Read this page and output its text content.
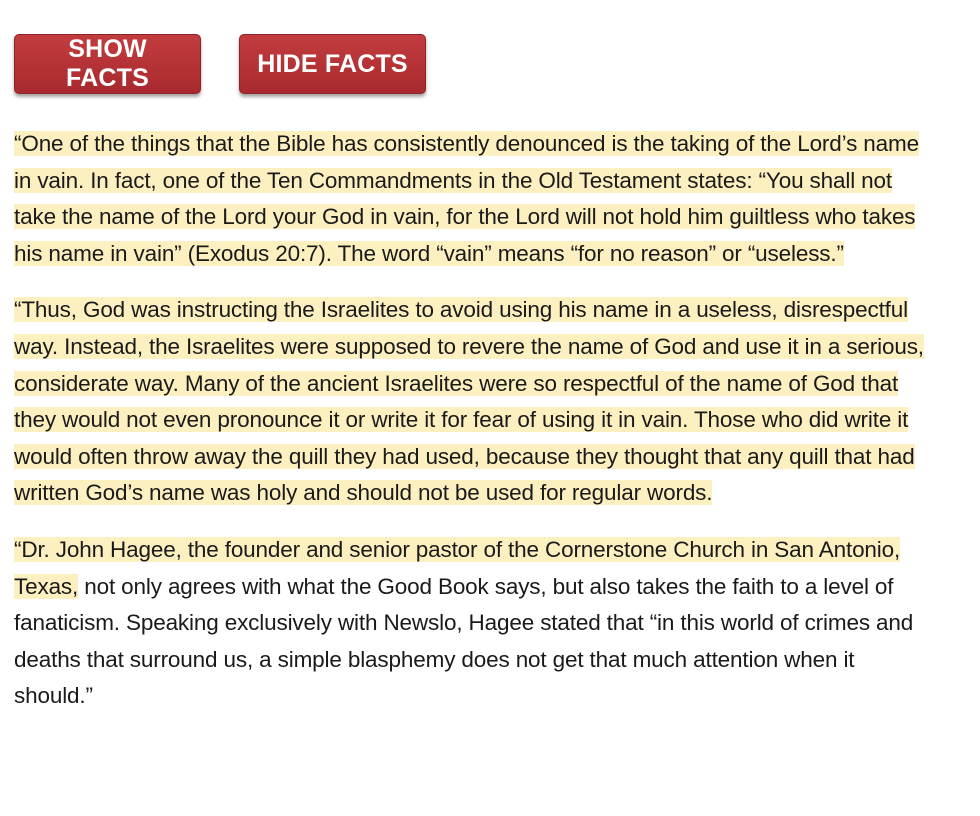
SHOW FACTS
HIDE FACTS

“One of the things that the Bible has consistently denounced is the taking of the Lord’s name in vain. In fact, one of the Ten Commandments in the Old Testament states: “You shall not take the name of the Lord your God in vain, for the Lord will not hold him guiltless who takes his name in vain” (Exodus 20:7). The word “vain” means “for no reason” or “useless.”

“Thus, God was instructing the Israelites to avoid using his name in a useless, disrespectful way. Instead, the Israelites were supposed to revere the name of God and use it in a serious, considerate way. Many of the ancient Israelites were so respectful of the name of God that they would not even pronounce it or write it for fear of using it in vain. Those who did write it would often throw away the quill they had used, because they thought that any quill that had written God’s name was holy and should not be used for regular words.

“Dr. John Hagee, the founder and senior pastor of the Cornerstone Church in San Antonio, Texas, not only agrees with what the Good Book says, but also takes the faith to a level of fanaticism. Speaking exclusively with Newslo, Hagee stated that “in this world of crimes and deaths that surround us, a simple blasphemy does not get that much attention when it should.”
